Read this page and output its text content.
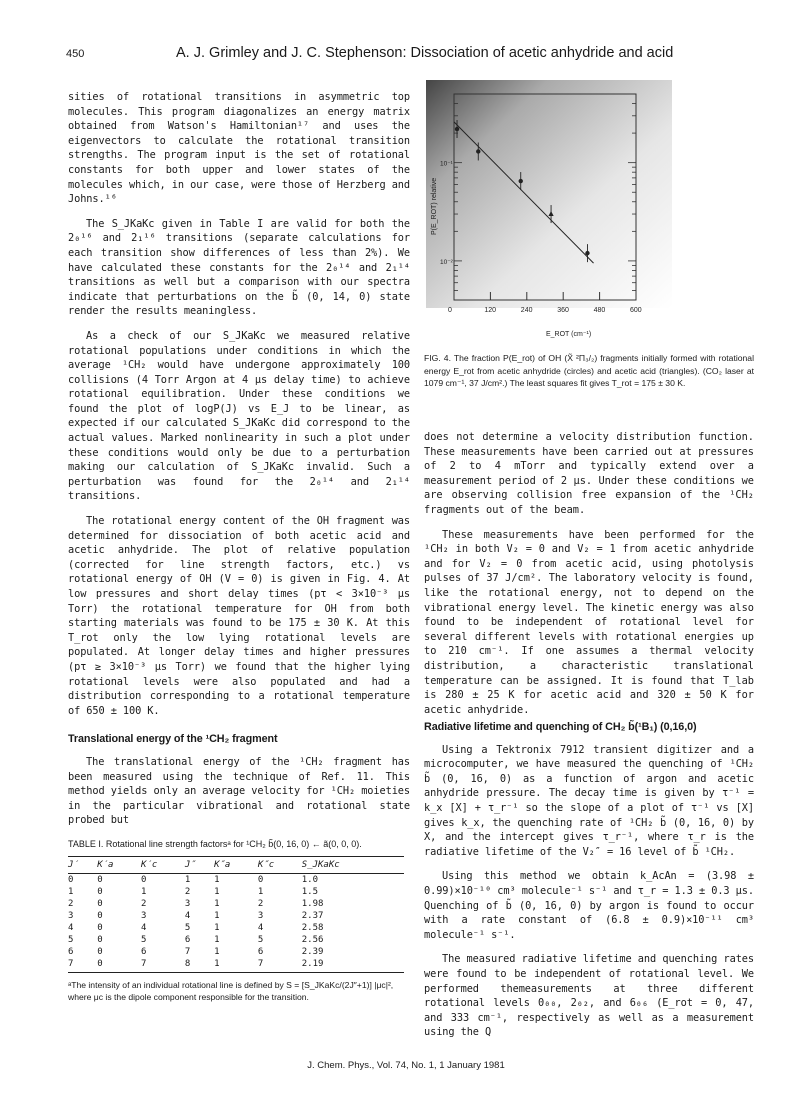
450	A. J. Grimley and J. C. Stephenson: Dissociation of acetic anhydride and acid

sities of rotational transitions in asymmetric top molecules. This program diagonalizes an energy matrix obtained from Watson's Hamiltonian¹⁷ and uses the eigenvectors to calculate the rotational transition strengths. The program input is the set of rotational constants for both upper and lower states of the molecules which, in our case, were those of Herzberg and Johns.¹⁶

The S_JKaKc given in Table I are valid for both the 2₀¹⁶ and 2₁¹⁶ transitions (separate calculations for each transition show differences of less than 2%). We have calculated these constants for the 2₀¹⁴ and 2₁¹⁴ transitions as well but a comparison with our spectra indicate that perturbations on the b̃ (0, 14, 0) state render the results meaningless.

As a check of our S_JKaKc we measured relative rotational populations under conditions in which the average ¹CH₂ would have undergone approximately 100 collisions (4 Torr Argon at 4 μs delay time) to achieve rotational equilibration. Under these conditions we found the plot of logP(J) vs E_J to be linear, as expected if our calculated S_JKaKc did correspond to the actual values. Marked nonlinearity in such a plot under these conditions would only be due to a perturbation making our calculation of S_JKaKc invalid. Such a perturbation was found for the 2₀¹⁴ and 2₁¹⁴ transitions.

The rotational energy content of the OH fragment was determined for dissociation of both acetic acid and acetic anhydride. The plot of relative population (corrected for line strength factors, etc.) vs rotational energy of OH (V = 0) is given in Fig. 4. At low pressures and short delay times (pτ < 3×10⁻³ μs Torr) the rotational temperature for OH from both starting materials was found to be 175 ± 30 K. At this T_rot only the low lying rotational levels are populated. At longer delay times and higher pressures (pτ ≥ 3×10⁻³ μs Torr) we found that the higher lying rotational levels were also populated and had a distribution corresponding to a rotational temperature of 650 ± 100 K.

Translational energy of the ¹CH₂ fragment

The translational energy of the ¹CH₂ fragment has been measured using the technique of Ref. 11. This method yields only an average velocity for ¹CH₂ moieties in the particular vibrational and rotational state probed but

10⁻¹
10⁻²
0	120	240	360	480	600
P(E_ROT) relative
E_ROT (cm⁻¹)
FIG. 4. The fraction P(E_rot) of OH (X̃ ²Π₃/₂) fragments initially formed with rotational energy E_rot from acetic anhydride (circles) and acetic acid (triangles). (CO₂ laser at 1079 cm⁻¹, 37 J/cm².) The least squares fit gives T_rot = 175 ± 30 K.

does not determine a velocity distribution function. These measurements have been carried out at pressures of 2 to 4 mTorr and typically extend over a measurement period of 2 μs. Under these conditions we are observing collision free expansion of the ¹CH₂ fragments out of the beam.

These measurements have been performed for the ¹CH₂ in both V₂ = 0 and V₂ = 1 from acetic anhydride and for V₂ = 0 from acetic acid, using photolysis pulses of 37 J/cm². The laboratory velocity is found, like the rotational energy, not to depend on the vibrational energy level. The kinetic energy was also found to be independent of rotational level for several different levels with rotational energies up to 210 cm⁻¹. If one assumes a thermal velocity distribution, a characteristic translational temperature can be assigned. It is found that T_lab is 280 ± 25 K for acetic acid and 320 ± 50 K for acetic anhydride.

Radiative lifetime and quenching of CH₂ b̃(¹B₁) (0,16,0)

Using a Tektronix 7912 transient digitizer and a microcomputer, we have measured the quenching of ¹CH₂ b̃ (0, 16, 0) as a function of argon and acetic anhydride pressure. The decay time is given by τ⁻¹ = k_x [X] + τ_r⁻¹ so the slope of a plot of τ⁻¹ vs [X] gives k_x, the quenching rate of ¹CH₂ b̃ (0, 16, 0) by X, and the intercept gives τ_r⁻¹, where τ_r is the radiative lifetime of the V₂″ = 16 level of b̃ ¹CH₂.

Using this method we obtain k_AcAn = (3.98 ± 0.99)×10⁻¹⁰ cm³ molecule⁻¹ s⁻¹ and τ_r = 1.3 ± 0.3 μs. Quenching of b̃ (0, 16, 0) by argon is found to occur with a rate constant of (6.8 ± 0.9)×10⁻¹¹ cm³ molecule⁻¹ s⁻¹.

The measured radiative lifetime and quenching rates were found to be independent of rotational level. We performed themeasurements at three different rotational levels 0₀₀, 2₀₂, and 6₀₆ (E_rot = 0, 47, and 333 cm⁻¹, respectively as well as a measurement using the Q

TABLE I. Rotational line strength factorsᵃ for ¹CH₂ b̃(0, 16, 0) ← ã(0, 0, 0).
J′	K′a	K′c	J″	K″a	K″c	S_JKaKc
0	0	0	1	1	0	1.0
1	0	1	2	1	1	1.5
2	0	2	3	1	2	1.98
3	0	3	4	1	3	2.37
4	0	4	5	1	4	2.58
5	0	5	6	1	5	2.56
6	0	6	7	1	6	2.39
7	0	7	8	1	7	2.19
ᵃThe intensity of an individual rotational line is defined by S = [S_JKaKc/(2J″+1)] |μc|², where μc is the dipole component responsible for the transition.
J. Chem. Phys., Vol. 74, No. 1, 1 January 1981
